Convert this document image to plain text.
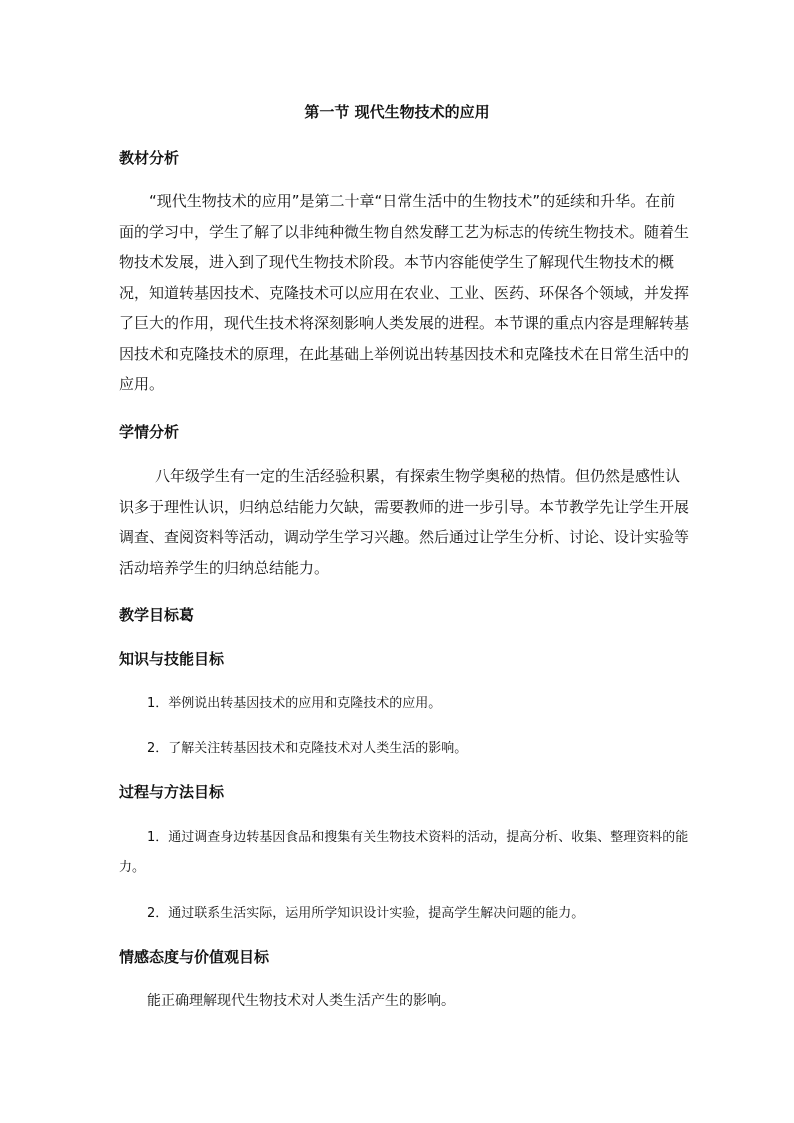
第一节 现代生物技术的应用
教材分析
“现代生物技术的应用”是第二十章“日常生活中的生物技术”的延续和升华。在前面的学习中，学生了解了以非纯种微生物自然发酵工艺为标志的传统生物技术。随着生物技术发展，进入到了现代生物技术阶段。本节内容能使学生了解现代生物技术的概况，知道转基因技术、克隆技术可以应用在农业、工业、医药、环保各个领域，并发挥了巨大的作用，现代生技术将深刻影响人类发展的进程。本节课的重点内容是理解转基因技术和克隆技术的原理，在此基础上举例说出转基因技术和克隆技术在日常生活中的应用。
学情分析
八年级学生有一定的生活经验积累，有探索生物学奥秘的热情。但仍然是感性认识多于理性认识，归纳总结能力欠缺，需要教师的进一步引导。本节教学先让学生开展调查、查阅资料等活动，调动学生学习兴趣。然后通过让学生分析、讨论、设计实验等活动培养学生的归纳总结能力。
教学目标葛
知识与技能目标
1．举例说出转基因技术的应用和克隆技术的应用。
2．了解关注转基因技术和克隆技术对人类生活的影响。
过程与方法目标
1．通过调查身边转基因食品和搜集有关生物技术资料的活动，提高分析、收集、整理资料的能力。
2．通过联系生活实际，运用所学知识设计实验，提高学生解决问题的能力。
情感态度与价值观目标
能正确理解现代生物技术对人类生活产生的影响。
